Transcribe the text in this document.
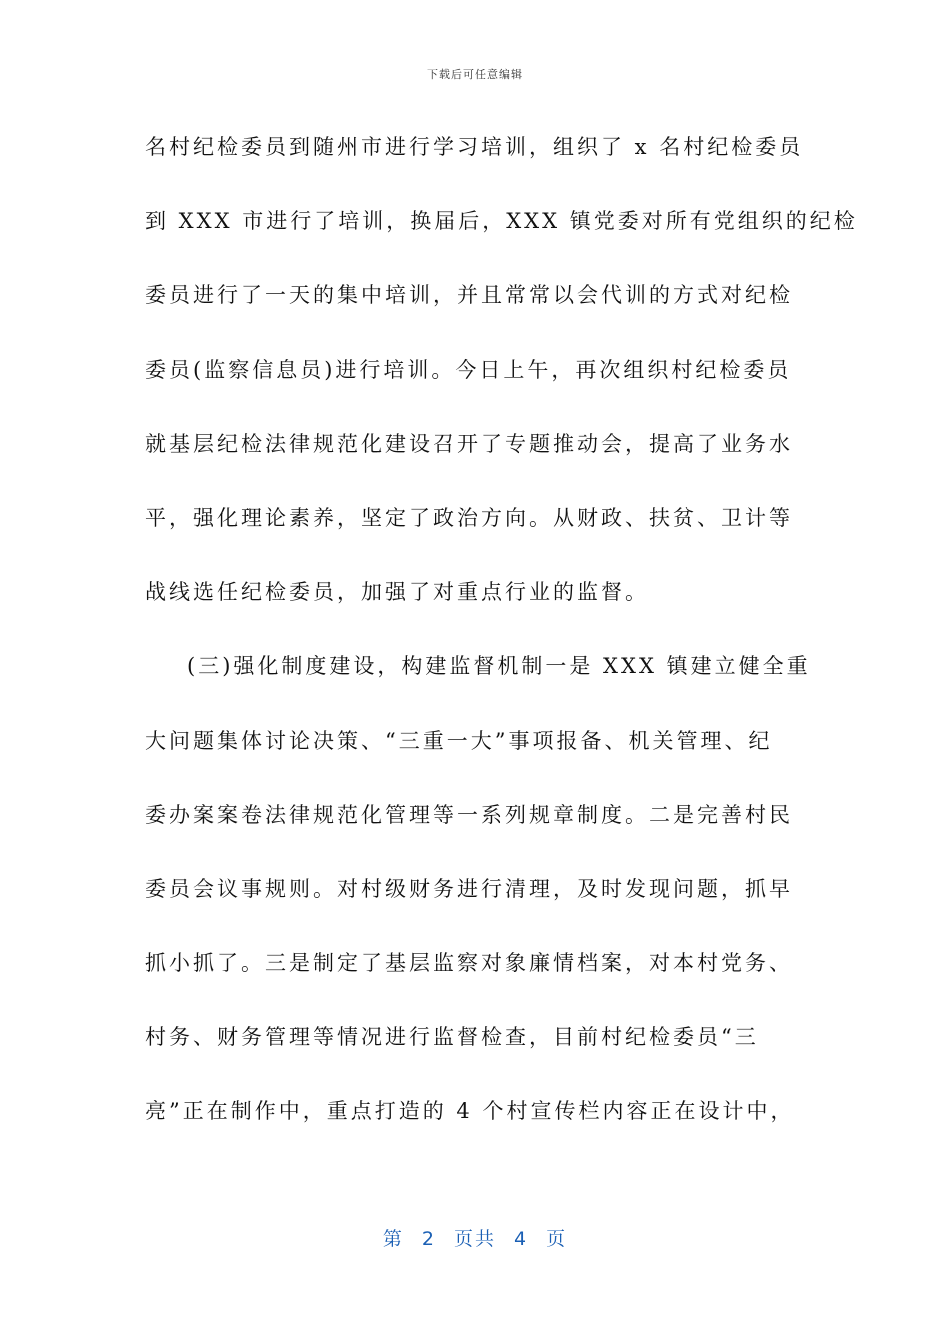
下载后可任意编辑
名村纪检委员到随州市进行学习培训，组织了 x 名村纪检委员
到 XXX 市进行了培训，换届后，XXX 镇党委对所有党组织的纪检
委员进行了一天的集中培训，并且常常以会代训的方式对纪检
委员(监察信息员)进行培训。今日上午，再次组织村纪检委员
就基层纪检法律规范化建设召开了专题推动会，提高了业务水
平，强化理论素养，坚定了政治方向。从财政、扶贫、卫计等
战线选任纪检委员，加强了对重点行业的监督。
(三)强化制度建设，构建监督机制一是 XXX 镇建立健全重
大问题集体讨论决策、“三重一大”事项报备、机关管理、纪
委办案案卷法律规范化管理等一系列规章制度。二是完善村民
委员会议事规则。对村级财务进行清理，及时发现问题，抓早
抓小抓了。三是制定了基层监察对象廉情档案，对本村党务、
村务、财务管理等情况进行监督检查，目前村纪检委员“三
亮”正在制作中，重点打造的 4 个村宣传栏内容正在设计中，
第 2 页共 4 页
